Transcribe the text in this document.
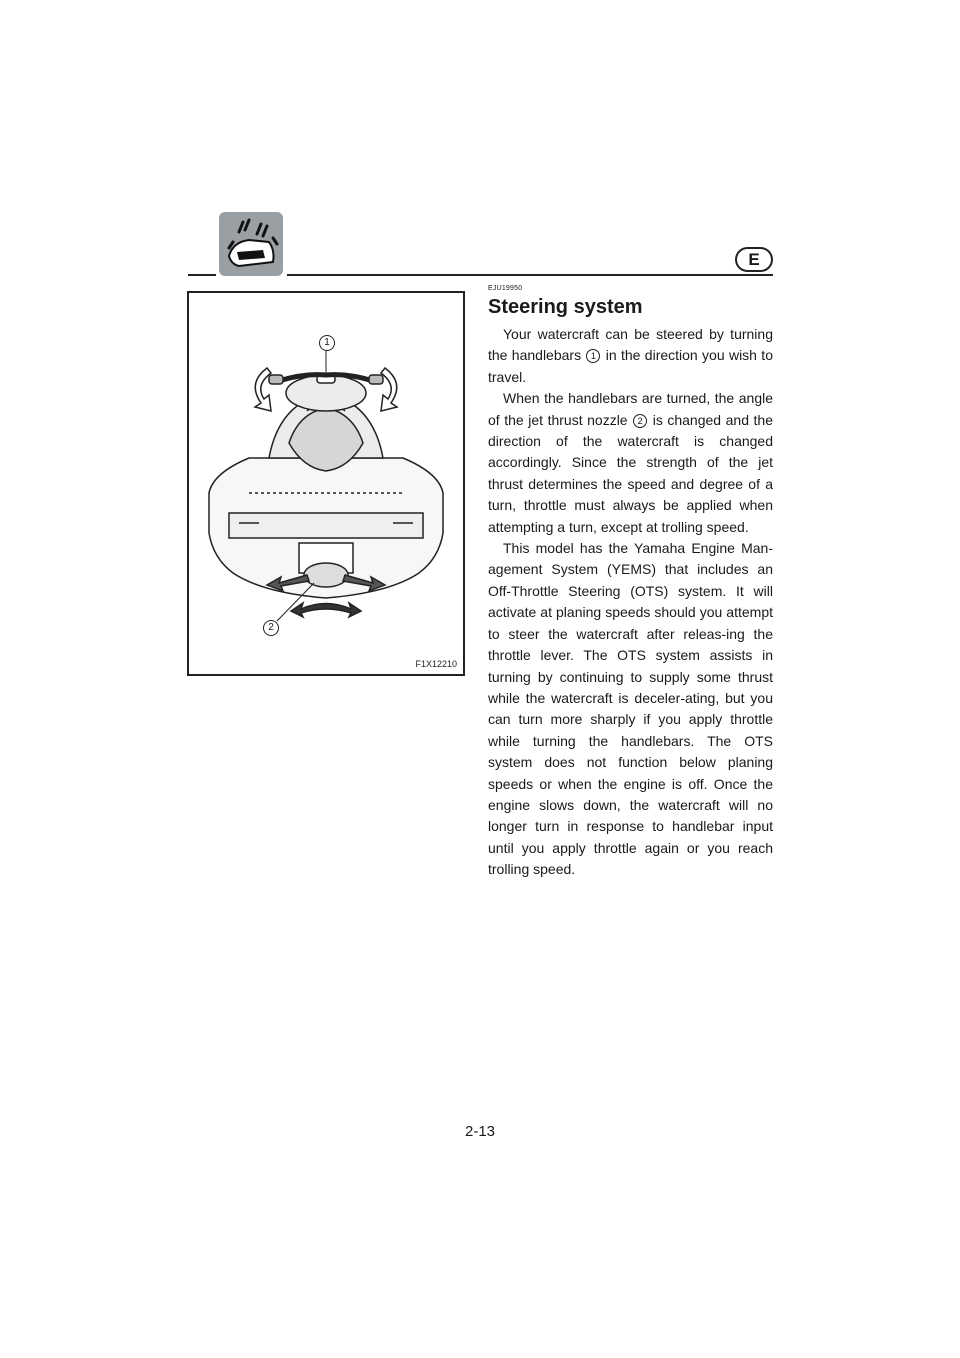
E
1
2
F1X12210
EJU19950
Steering system

Your watercraft can be steered by turning the handlebars 1 in the direction you wish to travel.

When the handlebars are turned, the angle of the jet thrust nozzle 2 is changed and the direction of the watercraft is changed accordingly. Since the strength of the jet thrust determines the speed and degree of a turn, throttle must always be applied when attempting a turn, except at trolling speed.

This model has the Yamaha Engine Man-agement System (YEMS) that includes an Off-Throttle Steering (OTS) system. It will activate at planing speeds should you attempt to steer the watercraft after releas-ing the throttle lever. The OTS system assists in turning by continuing to supply some thrust while the watercraft is deceler-ating, but you can turn more sharply if you apply throttle while turning the handlebars. The OTS system does not function below planing speeds or when the engine is off. Once the engine slows down, the watercraft will no longer turn in response to handlebar input until you apply throttle again or you reach trolling speed.

2-13
